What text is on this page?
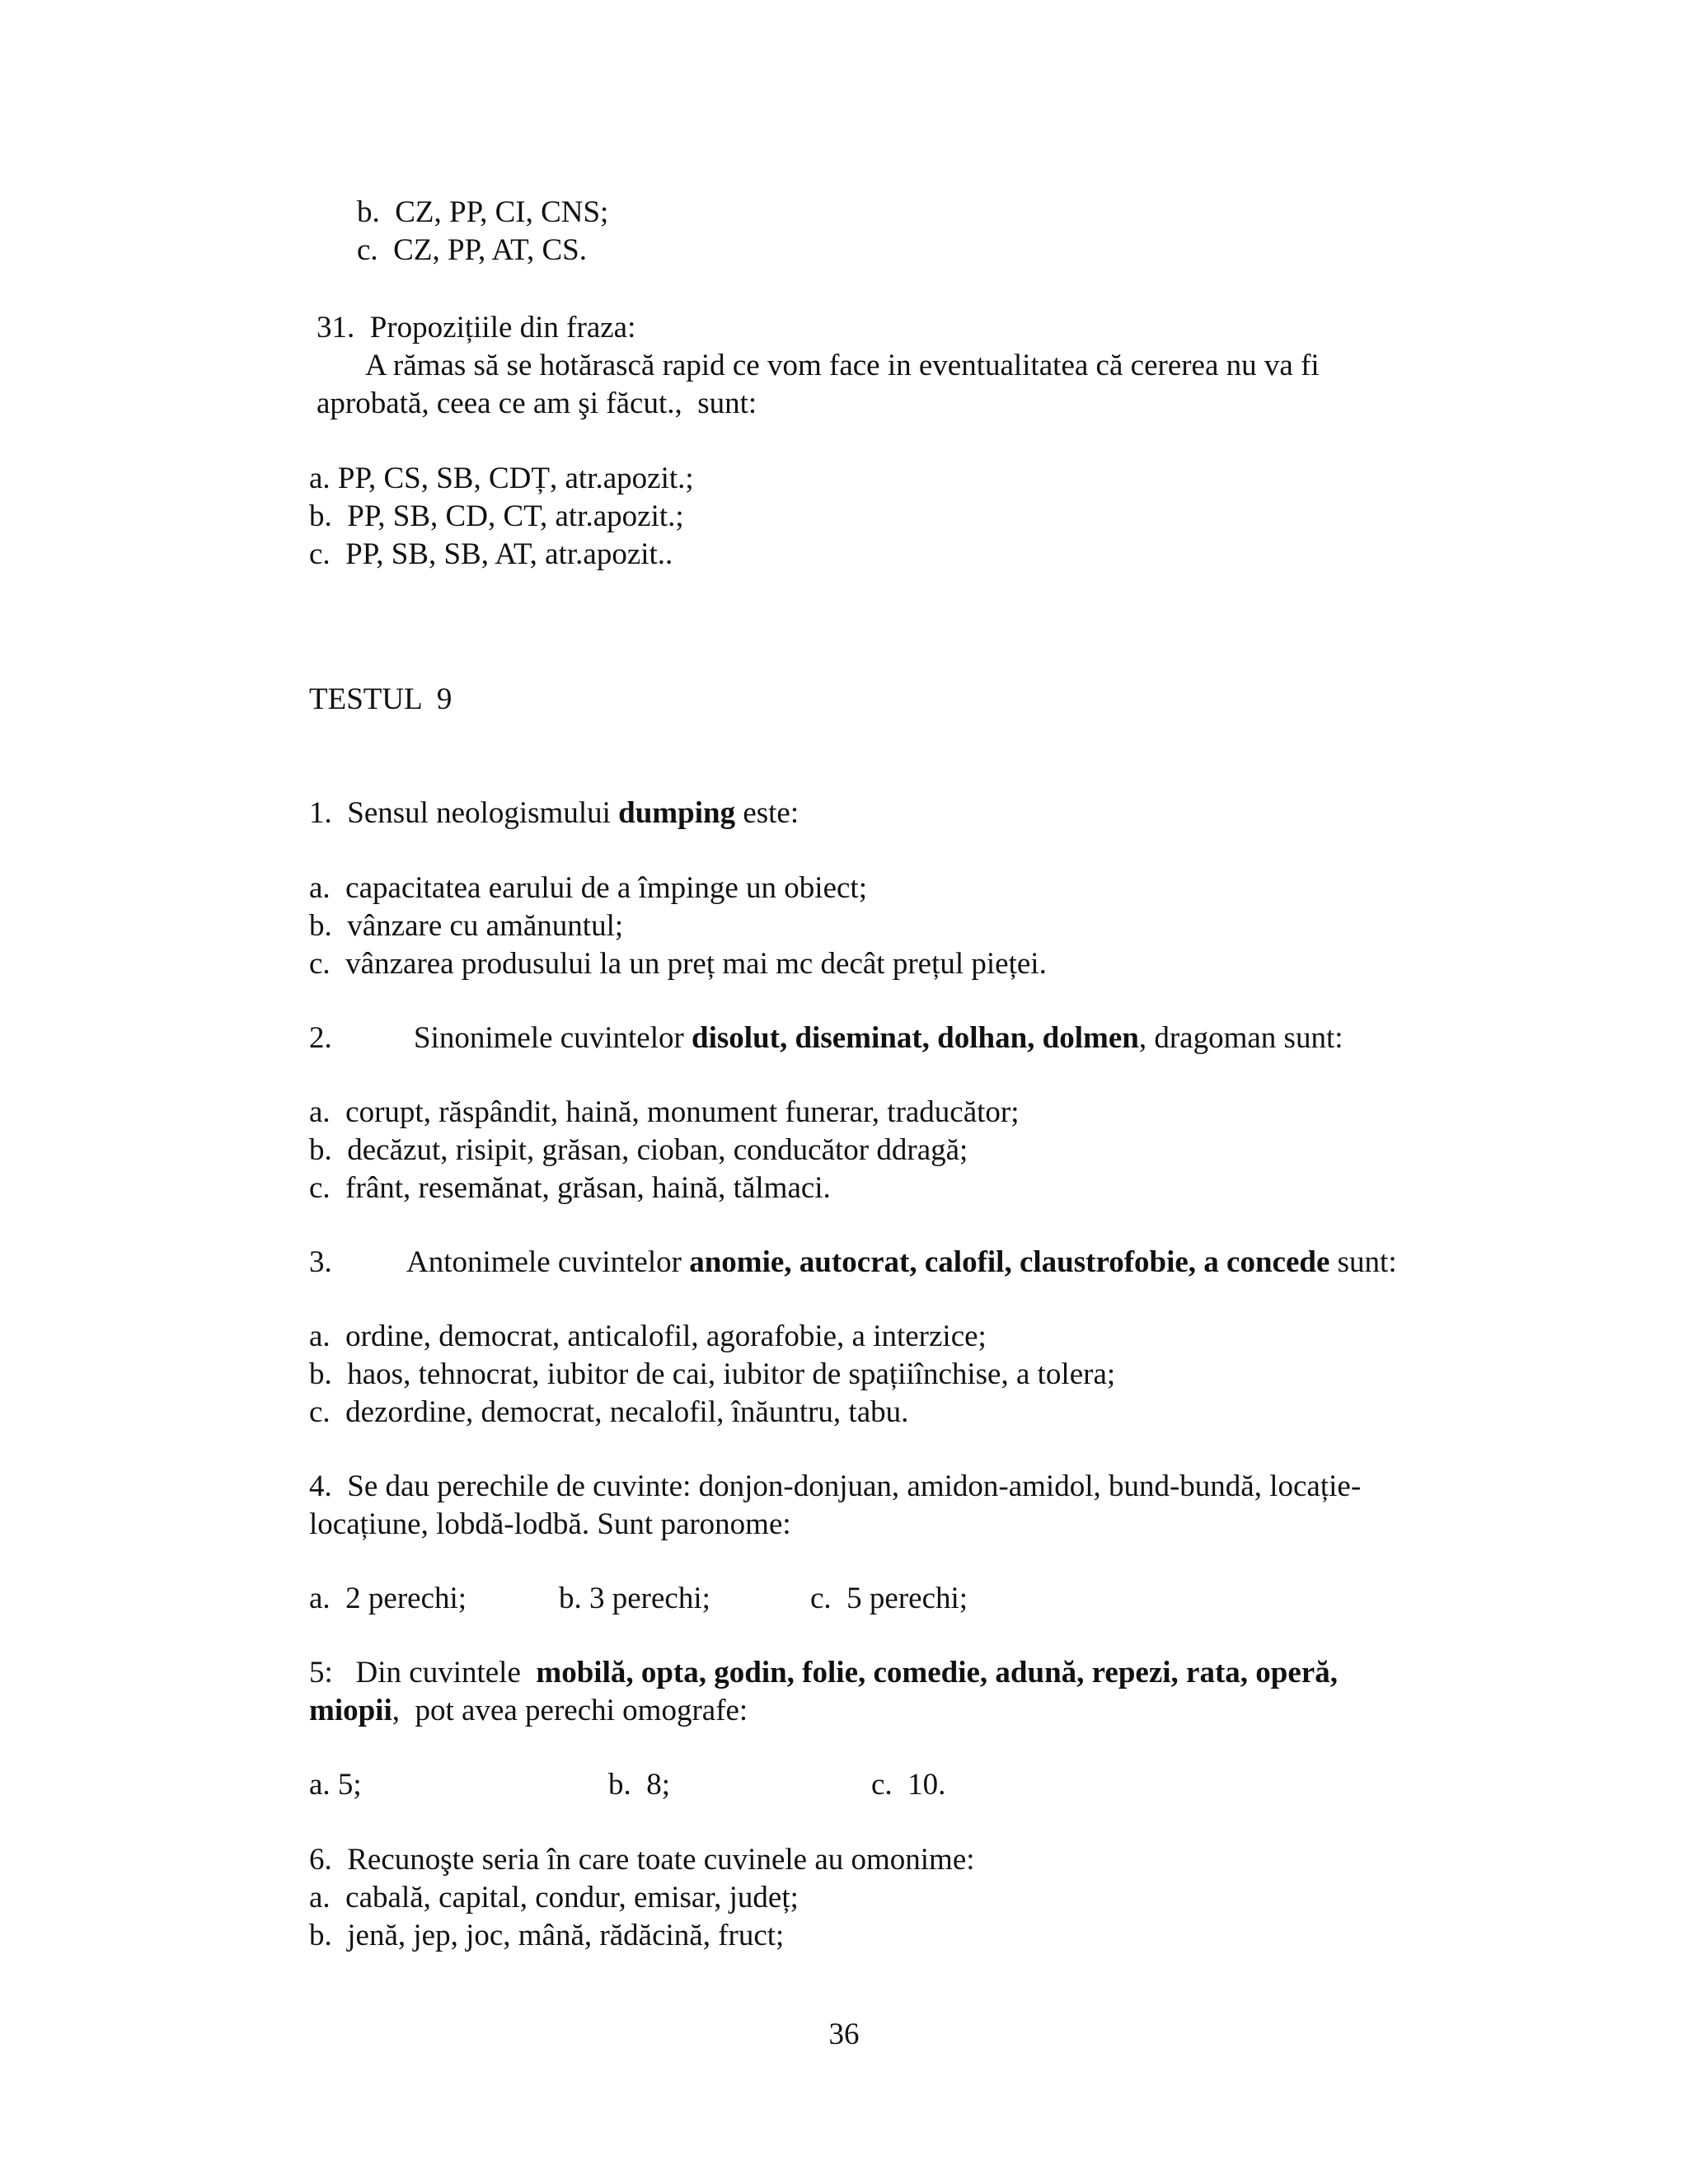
b.  CZ, PP, CI, CNS;
c.  CZ, PP, AT, CS.
31.  Propozițiile din fraza:
A rămas să se hotărască rapid ce vom face in eventualitatea că cererea nu va fi
aprobată, ceea ce am şi făcut.,  sunt:
a. PP, CS, SB, CDȚ, atr.apozit.;
b.  PP, SB, CD, CT, atr.apozit.;
c.  PP, SB, SB, AT, atr.apozit..
TESTUL  9
1.  Sensul neologismului dumping este:
a.  capacitatea earului de a împinge un obiect;
b.  vânzare cu amănuntul;
c.  vânzarea produsului la un preț mai mc decât prețul pieței.
2.	Sinonimele cuvintelor disolut, diseminat, dolhan, dolmen, dragoman sunt:
a.  corupt, răspândit, haină, monument funerar, traducător;
b.  decăzut, risipit, grăsan, cioban, conducător ddragă;
c.  frânt, resemănat, grăsan, haină, tălmaci.
3. Antonimele cuvintelor anomie, autocrat, calofil, claustrofobie, a concede sunt:
a.  ordine, democrat, anticalofil, agorafobie, a interzice;
b.  haos, tehnocrat, iubitor de cai, iubitor de spațiiînchise, a tolera;
c.  dezordine, democrat, necalofil, înăuntru, tabu.
4.  Se dau perechile de cuvinte: donjon-donjuan, amidon-amidol, bund-bundă, locație-
locațiune, lobdă-lodbă. Sunt paronome:
a.  2 perechi;	b. 3 perechi;	c.  5 perechi;
5:   Din cuvintele  mobilă, opta, godin, folie, comedie, adună, repezi, rata, operă,
miopii,  pot avea perechi omografe:
a. 5;	b.  8;	c.  10.
6.  Recunoşte seria în care toate cuvinele au omonime:
a.  cabală, capital, condur, emisar, județ;
b.  jenă, jep, joc, mână, rădăcină, fruct;
36
